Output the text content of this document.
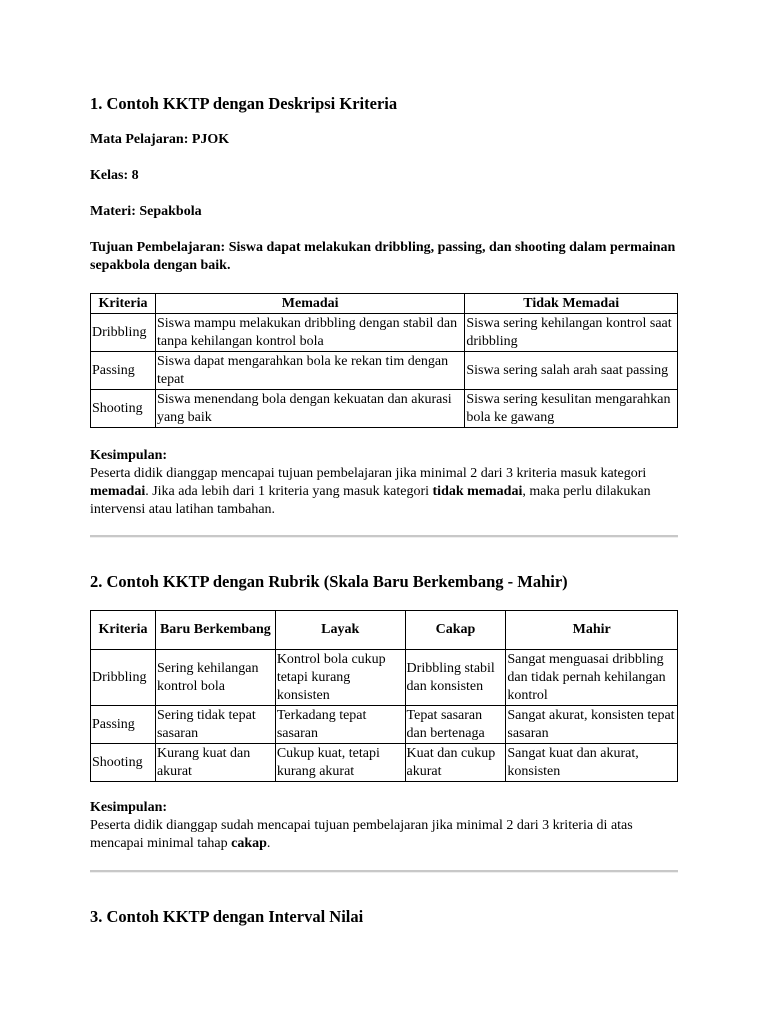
1. Contoh KKTP dengan Deskripsi Kriteria
Mata Pelajaran: PJOK
Kelas: 8
Materi: Sepakbola
Tujuan Pembelajaran: Siswa dapat melakukan dribbling, passing, dan shooting dalam permainan sepakbola dengan baik.
Kriteria	Memadai	Tidak Memadai
Dribbling	Siswa mampu melakukan dribbling dengan stabil dan tanpa kehilangan kontrol bola	Siswa sering kehilangan kontrol saat dribbling
Passing	Siswa dapat mengarahkan bola ke rekan tim dengan tepat	Siswa sering salah arah saat passing
Shooting	Siswa menendang bola dengan kekuatan dan akurasi yang baik	Siswa sering kesulitan mengarahkan bola ke gawang
Kesimpulan:
Peserta didik dianggap mencapai tujuan pembelajaran jika minimal 2 dari 3 kriteria masuk kategori memadai. Jika ada lebih dari 1 kriteria yang masuk kategori tidak memadai, maka perlu dilakukan intervensi atau latihan tambahan.
2. Contoh KKTP dengan Rubrik (Skala Baru Berkembang - Mahir)
Kriteria	Baru Berkembang	Layak	Cakap	Mahir
Dribbling	Sering kehilangan kontrol bola	Kontrol bola cukup tetapi kurang konsisten	Dribbling stabil dan konsisten	Sangat menguasai dribbling dan tidak pernah kehilangan kontrol
Passing	Sering tidak tepat sasaran	Terkadang tepat sasaran	Tepat sasaran dan bertenaga	Sangat akurat, konsisten tepat sasaran
Shooting	Kurang kuat dan akurat	Cukup kuat, tetapi kurang akurat	Kuat dan cukup akurat	Sangat kuat dan akurat, konsisten
Kesimpulan:
Peserta didik dianggap sudah mencapai tujuan pembelajaran jika minimal 2 dari 3 kriteria di atas mencapai minimal tahap cakap.
3. Contoh KKTP dengan Interval Nilai
